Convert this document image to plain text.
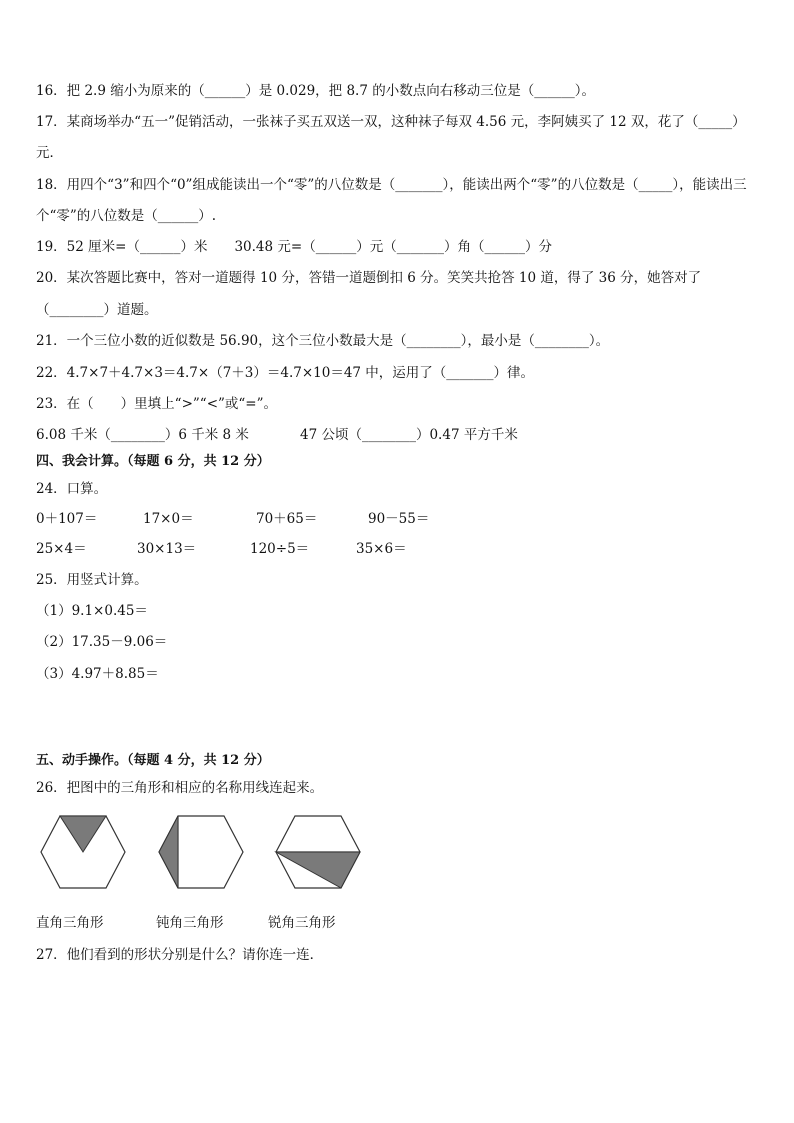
16．把 2.9 缩小为原来的（______）是 0.029，把 8.7 的小数点向右移动三位是（______）。
17．某商场举办“五一”促销活动，一张袜子买五双送一双，这种袜子每双 4.56 元，李阿姨买了 12 双，花了（_____）
元．
18．用四个“3”和四个“0”组成能读出一个“零”的八位数是（_______），能读出两个“零”的八位数是（_____），能读出三
个“零”的八位数是（______）.
19．52 厘米=（______）米　　30.48 元=（______）元（_______）角（______）分
20．某次答题比赛中，答对一道题得 10 分，答错一道题倒扣 6 分。笑笑共抢答 10 道，得了 36 分，她答对了
（________）道题。
21．一个三位小数的近似数是 56.90，这个三位小数最大是（________），最小是（________）。
22．4.7×7＋4.7×3＝4.7×（7＋3）＝4.7×10＝47 中，运用了（_______）律。
23．在（　　）里填上“>”“<”或“=”。
6.08 千米（________）6 千米 8 米	47 公顷（________）0.47 平方千米
四、我会计算。（每题 6 分，共 12 分）
24．口算。
0＋107＝	17×0＝	70＋65＝	90－55＝
25×4＝	30×13＝	120÷5＝	35×6＝
25．用竖式计算。
（1）9.1×0.45＝
（2）17.35－9.06＝
（3）4.97＋8.85＝
五、动手操作。（每题 4 分，共 12 分）
26．把图中的三角形和相应的名称用线连起来。
直角三角形	钝角三角形	锐角三角形
27．他们看到的形状分别是什么？请你连一连．
